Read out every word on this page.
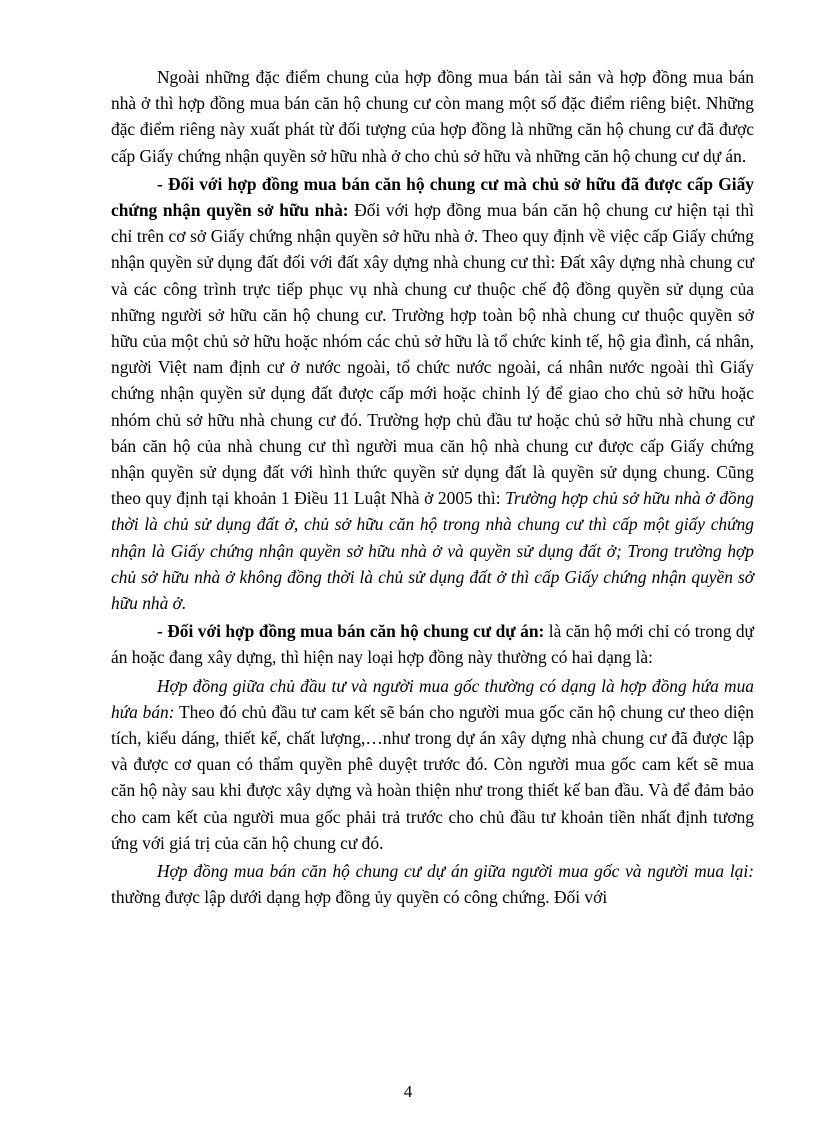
Ngoài những đặc điểm chung của hợp đồng mua bán tài sản và hợp đồng mua bán nhà ở thì hợp đồng mua bán căn hộ chung cư còn mang một số đặc điểm riêng biệt. Những đặc điểm riêng này xuất phát từ đối tượng của hợp đồng là những căn hộ chung cư đã được cấp Giấy chứng nhận quyền sở hữu nhà ở cho chủ sở hữu và những căn hộ chung cư dự án.

- Đối với hợp đồng mua bán căn hộ chung cư mà chủ sở hữu đã được cấp Giấy chứng nhận quyền sở hữu nhà: Đối với hợp đồng mua bán căn hộ chung cư hiện tại thì chỉ trên cơ sở Giấy chứng nhận quyền sở hữu nhà ở. Theo quy định về việc cấp Giấy chứng nhận quyền sử dụng đất đối với đất xây dựng nhà chung cư thì: Đất xây dựng nhà chung cư và các công trình trực tiếp phục vụ nhà chung cư thuộc chế độ đồng quyền sử dụng của những người sở hữu căn hộ chung cư. Trường hợp toàn bộ nhà chung cư thuộc quyền sở hữu của một chủ sở hữu hoặc nhóm các chủ sở hữu là tổ chức kinh tế, hộ gia đình, cá nhân, người Việt nam định cư ở nước ngoài, tổ chức nước ngoài, cá nhân nước ngoài thì Giấy chứng nhận quyền sử dụng đất được cấp mới hoặc chỉnh lý để giao cho chủ sở hữu hoặc nhóm chủ sở hữu nhà chung cư đó. Trường hợp chủ đầu tư hoặc chủ sở hữu nhà chung cư bán căn hộ của nhà chung cư thì người mua căn hộ nhà chung cư được cấp Giấy chứng nhận quyền sử dụng đất với hình thức quyền sử dụng đất là quyền sử dụng chung. Cũng theo quy định tại khoản 1 Điều 11 Luật Nhà ở 2005 thì: Trường hợp chủ sở hữu nhà ở đồng thời là chủ sử dụng đất ở, chủ sở hữu căn hộ trong nhà chung cư thì cấp một giấy chứng nhận là Giấy chứng nhận quyền sở hữu nhà ở và quyền sử dụng đất ở; Trong trường hợp chủ sở hữu nhà ở không đồng thời là chủ sử dụng đất ở thì cấp Giấy chứng nhận quyền sở hữu nhà ở.

- Đối với hợp đồng mua bán căn hộ chung cư dự án: là căn hộ mới chỉ có trong dự án hoặc đang xây dựng, thì hiện nay loại hợp đồng này thường có hai dạng là:

Hợp đồng giữa chủ đầu tư và người mua gốc thường có dạng là hợp đồng hứa mua hứa bán: Theo đó chủ đầu tư cam kết sẽ bán cho người mua gốc căn hộ chung cư theo diện tích, kiểu dáng, thiết kế, chất lượng,…như trong dự án xây dựng nhà chung cư đã được lập và được cơ quan có thẩm quyền phê duyệt trước đó. Còn người mua gốc cam kết sẽ mua căn hộ này sau khi được xây dựng và hoàn thiện như trong thiết kế ban đầu. Và để đảm bảo cho cam kết của người mua gốc phải trả trước cho chủ đầu tư khoản tiền nhất định tương ứng với giá trị của căn hộ chung cư đó.

Hợp đồng mua bán căn hộ chung cư dự án giữa người mua gốc và người mua lại: thường được lập dưới dạng hợp đồng ủy quyền có công chứng. Đối với

4
